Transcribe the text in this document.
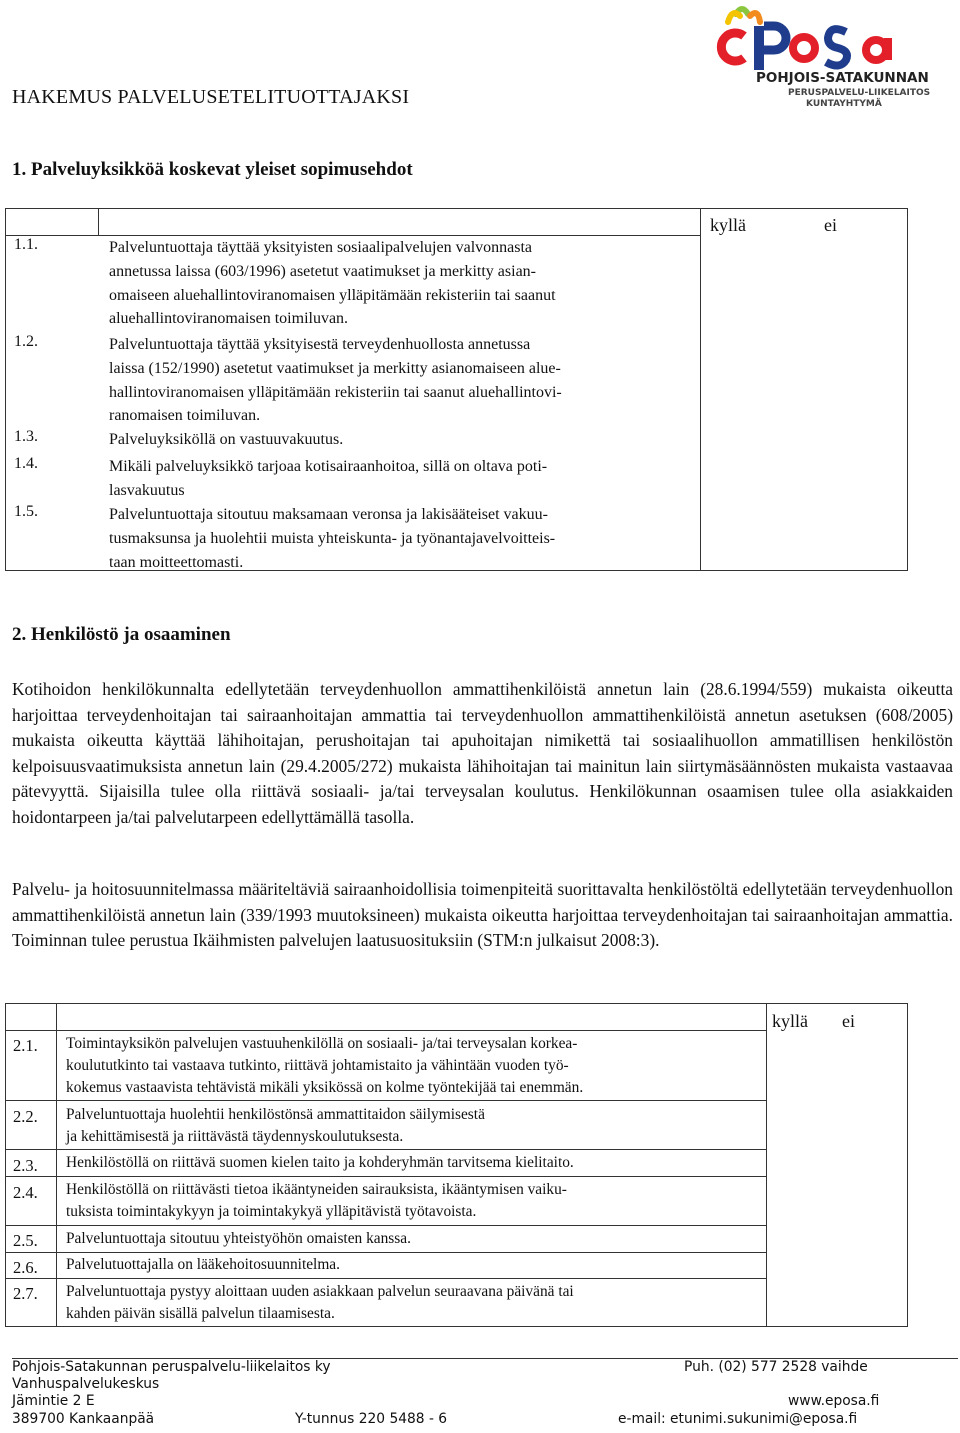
HAKEMUS PALVELUSETELITUOTTAJAKSI
POHJOIS-SATAKUNNAN
PERUSPALVELU-LIIKELAITOS
KUNTAYHTYMÄ
1. Palveluyksikköä koskevat yleiset sopimusehdot
kyllä	ei
1.1.	Palveluntuottaja täyttää yksityisten sosiaalipalvelujen valvonnasta
annetussa laissa (603/1996) asetetut vaatimukset ja merkitty asian-
omaiseen aluehallintoviranomaisen ylläpitämään rekisteriin tai saanut
aluehallintoviranomaisen toimiluvan.
1.2.	Palveluntuottaja täyttää yksityisestä terveydenhuollosta annetussa
laissa (152/1990) asetetut vaatimukset ja merkitty asianomaiseen alue-
hallintoviranomaisen ylläpitämään rekisteriin tai saanut aluehallintovi-
ranomaisen toimiluvan.
1.3.	Palveluyksiköllä on vastuuvakuutus.
1.4.	Mikäli palveluyksikkö tarjoaa kotisairaanhoitoa, sillä on oltava poti-
lasvakuutus
1.5.	Palveluntuottaja sitoutuu maksamaan veronsa ja lakisääteiset vakuu-
tusmaksunsa ja huolehtii muista yhteiskunta- ja työnantajavelvoitteis-
taan moitteettomasti.
2. Henkilöstö ja osaaminen
Kotihoidon henkilökunnalta edellytetään terveydenhuollon ammattihenkilöistä annetun lain (28.6.1994/559) mukaista oikeutta harjoittaa terveydenhoitajan tai sairaanhoitajan ammattia tai terveydenhuollon ammattihenkilöistä annetun asetuksen (608/2005) mukaista oikeutta käyttää lähihoitajan, perushoitajan tai apuhoitajan nimikettä tai sosiaalihuollon ammatillisen henkilöstön kelpoisuusvaatimuksista annetun lain (29.4.2005/272) mukaista lähihoitajan tai mainitun lain siirtymäsäännösten mukaista vastaavaa pätevyyttä. Sijaisilla tulee olla riittävä sosiaali- ja/tai terveysalan koulutus. Henkilökunnan osaamisen tulee olla asiakkaiden hoidontarpeen ja/tai palvelutarpeen edellyttämällä tasolla.
Palvelu- ja hoitosuunnitelmassa määriteltäviä sairaanhoidollisia toimenpiteitä suorittavalta henkilöstöltä edellytetään terveydenhuollon ammattihenkilöistä annetun lain (339/1993 muutoksineen) mukaista oikeutta harjoittaa terveydenhoitajan tai sairaanhoitajan ammattia. Toiminnan tulee perustua Ikäihmisten palvelujen laatusuosituksiin (STM:n julkaisut 2008:3).
kyllä ei
2.1. Toimintayksikön palvelujen vastuuhenkilöllä on sosiaali- ja/tai terveysalan korkea-
koulututkinto tai vastaava tutkinto, riittävä johtamistaito ja vähintään vuoden työ-
kokemus vastaavista tehtävistä mikäli yksikössä on kolme työntekijää tai enemmän.
2.2. Palveluntuottaja huolehtii henkilöstönsä ammattitaidon säilymisestä
ja kehittämisestä ja riittävästä täydennyskoulutuksesta.
2.3. Henkilöstöllä on riittävä suomen kielen taito ja kohderyhmän tarvitsema kielitaito.
2.4. Henkilöstöllä on riittävästi tietoa ikääntyneiden sairauksista, ikääntymisen vaiku-
tuksista toimintakykyyn ja toimintakykyä ylläpitävistä työtavoista.
2.5. Palveluntuottaja sitoutuu yhteistyöhön omaisten kanssa.
2.6. Palvelutuottajalla on lääkehoitosuunnitelma.
2.7. Palveluntuottaja pystyy aloittaan uuden asiakkaan palvelun seuraavana päivänä tai
kahden päivän sisällä palvelun tilaamisesta.
Pohjois-Satakunnan peruspalvelu-liikelaitos ky
Vanhuspalvelukeskus
Jämintie 2 E
389700 Kankaanpää	Y-tunnus 220 5488 - 6
Puh. (02) 577 2528 vaihde
www.eposa.fi
e-mail: etunimi.sukunimi@eposa.fi
